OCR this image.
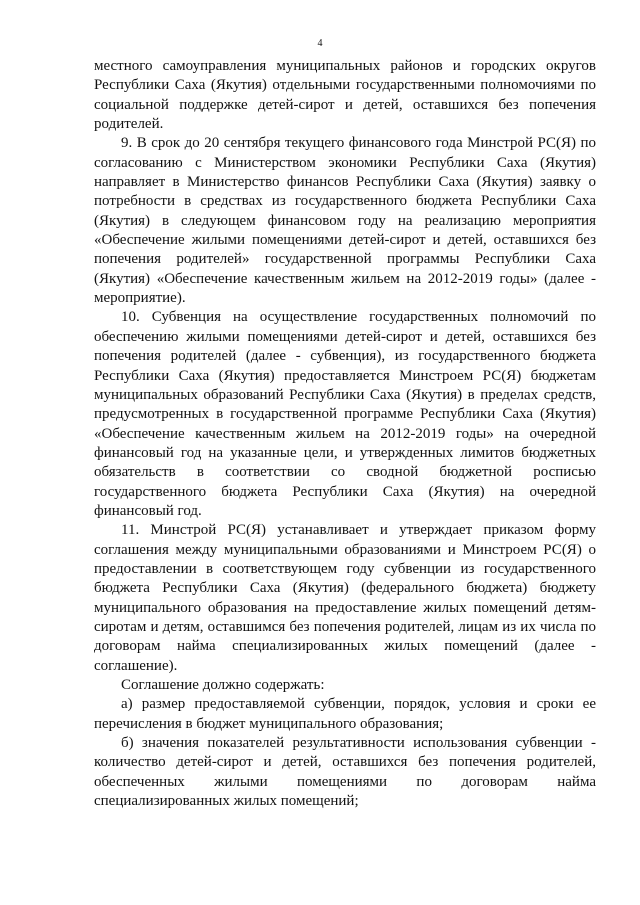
4

местного самоуправления муниципальных районов и городских округов Республики Саха (Якутия) отдельными государственными полномочиями по социальной поддержке детей-сирот и детей, оставшихся без попечения родителей.

9. В срок до 20 сентября текущего финансового года Минстрой РС(Я) по согласованию с Министерством экономики Республики Саха (Якутия) направляет в Министерство финансов Республики Саха (Якутия) заявку о потребности в средствах из государственного бюджета Республики Саха (Якутия) в следующем финансовом году на реализацию мероприятия «Обеспечение жилыми помещениями детей-сирот и детей, оставшихся без попечения родителей» государственной программы Республики Саха (Якутия) «Обеспечение качественным жильем на 2012-2019 годы» (далее - мероприятие).

10. Субвенция на осуществление государственных полномочий по обеспечению жилыми помещениями детей-сирот и детей, оставшихся без попечения родителей (далее - субвенция), из государственного бюджета Республики Саха (Якутия) предоставляется Минстроем РС(Я) бюджетам муниципальных образований Республики Саха (Якутия) в пределах средств, предусмотренных в государственной программе Республики Саха (Якутия) «Обеспечение качественным жильем на 2012-2019 годы» на очередной финансовый год на указанные цели, и утвержденных лимитов бюджетных обязательств в соответствии со сводной бюджетной росписью государственного бюджета Республики Саха (Якутия) на очередной финансовый год.

11. Минстрой РС(Я) устанавливает и утверждает приказом форму соглашения между муниципальными образованиями и Минстроем РС(Я) о предоставлении в соответствующем году субвенции из государственного бюджета Республики Саха (Якутия) (федерального бюджета) бюджету муниципального образования на предоставление жилых помещений детям-сиротам и детям, оставшимся без попечения родителей, лицам из их числа по договорам найма специализированных жилых помещений (далее - соглашение).

Соглашение должно содержать:

а) размер предоставляемой субвенции, порядок, условия и сроки ее перечисления в бюджет муниципального образования;

б) значения показателей результативности использования субвенции - количество детей-сирот и детей, оставшихся без попечения родителей, обеспеченных жилыми помещениями по договорам найма специализированных жилых помещений;
